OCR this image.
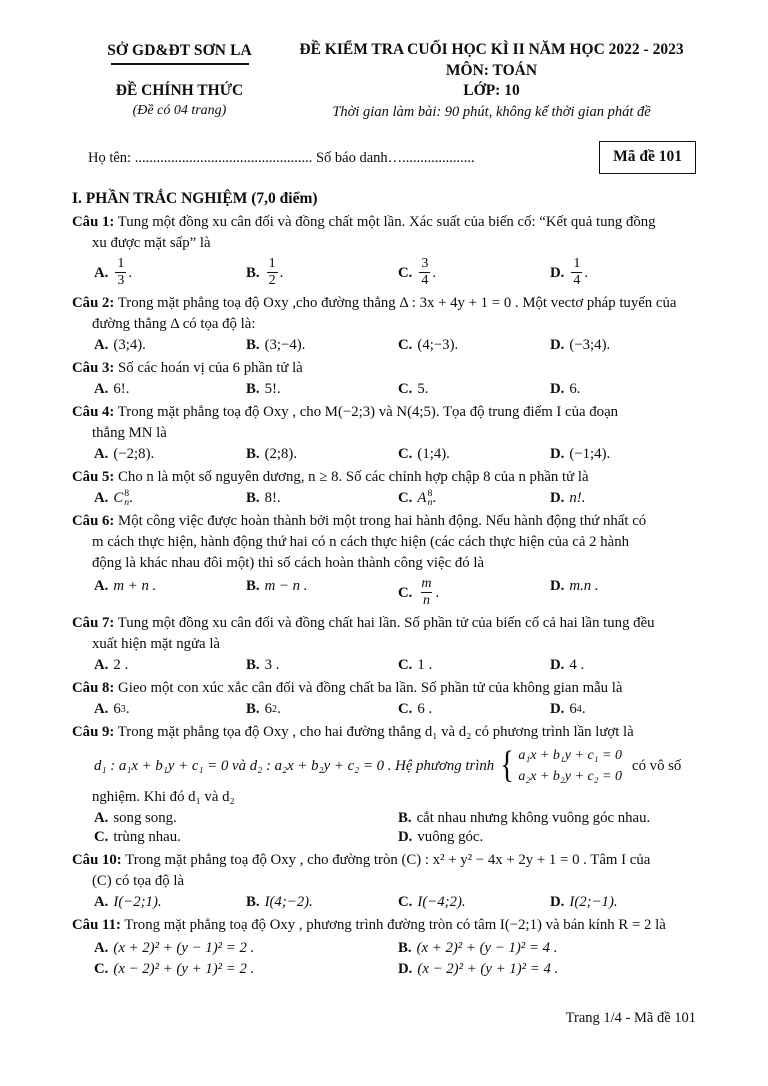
SỞ GD&ĐT SƠN LA
ĐỀ CHÍNH THỨC
(Đề có 04 trang)
ĐỀ KIỂM TRA CUỐI HỌC KÌ II NĂM HỌC 2022 - 2023
MÔN: TOÁN
LỚP: 10
Thời gian làm bài: 90 phút, không kể thời gian phát đề
Họ tên: ................................................. Số báo danh…....................	Mã đề 101
I. PHẦN TRẮC NGHIỆM (7,0 điểm)
Câu 1: Tung một đồng xu cân đối và đồng chất một lần. Xác suất của biến cố: “Kết quả tung đồng
xu được mặt sấp” là
A. $\frac{1}{3}$ .	B. $\frac{1}{2}$ .	C. $\frac{3}{4}$ .	D. $\frac{1}{4}$ .
Câu 2: Trong mặt phẳng toạ độ Oxy ,cho đường thẳng Δ : 3x + 4y + 1 = 0 . Một vectơ pháp tuyến của
đường thẳng Δ có tọa độ là:
A. (3;4).	B. (3;−4).	C. (4;−3).	D. (−3;4).
Câu 3: Số các hoán vị của 6 phần tử là
A. 6!.	B. 5!.	C. 5.	D. 6.
Câu 4: Trong mặt phẳng toạ độ Oxy , cho M(−2;3) và N(4;5). Tọa độ trung điểm I của đoạn
thẳng MN là
A. (−2;8).	B. (2;8).	C. (1;4).	D. (−1;4).
Câu 5: Cho n là một số nguyên dương, n ≥ 8. Số các chỉnh hợp chập 8 của n phần tử là
A. C 8
n .	B. 8!.	C. A 8
n .	D. n!.
Câu 6: Một công việc được hoàn thành bởi một trong hai hành động. Nếu hành động thứ nhất có
m cách thực hiện, hành động thứ hai có n cách thực hiện (các cách thực hiện của cả 2 hành
động là khác nhau đôi một) thì số cách hoàn thành công việc đó là
A. m + n .	B. m − n .	C. $\frac{m}{n}$ .	D. m.n .
Câu 7: Tung một đồng xu cân đối và đồng chất hai lần. Số phần tử của biến cố cả hai lần tung đều
xuất hiện mặt ngửa là
A. 2 .	B. 3 .	C. 1 .	D. 4 .
Câu 8: Gieo một con xúc xắc cân đối và đồng chất ba lần. Số phần tử của không gian mẫu là
A. 6 3 .	B. 6 2 .	C. 6 .	D. 6 4 .
Câu 9: Trong mặt phẳng tọa độ Oxy , cho hai đường thẳng d₁ và d₂ có phương trình lần lượt là
d₁ : a₁x + b₁y + c₁ = 0 và d₂ : a₂x + b₂y + c₂ = 0 . Hệ phương trình { a₁x + b₁y + c₁ = 0
a₂x + b₂y + c₂ = 0
có vô số
nghiệm. Khi đó d₁ và d₂
A. song song.	B. cắt nhau nhưng không vuông góc nhau.
C. trùng nhau.	D. vuông góc.
Câu 10: Trong mặt phẳng toạ độ Oxy , cho đường tròn (C) : x² + y² − 4x + 2y + 1 = 0 . Tâm I của
(C) có tọa độ là
A. I(−2;1).	B. I(4;−2).	C. I(−4;2).	D. I(2;−1).
Câu 11: Trong mặt phẳng toạ độ Oxy , phương trình đường tròn có tâm I(−2;1) và bán kính R = 2 là
A. (x + 2)² + (y − 1)² = 2 .	B. (x + 2)² + (y − 1)² = 4 .
C. (x − 2)² + (y + 1)² = 2 .	D. (x − 2)² + (y + 1)² = 4 .
Trang 1/4 - Mã đề 101
